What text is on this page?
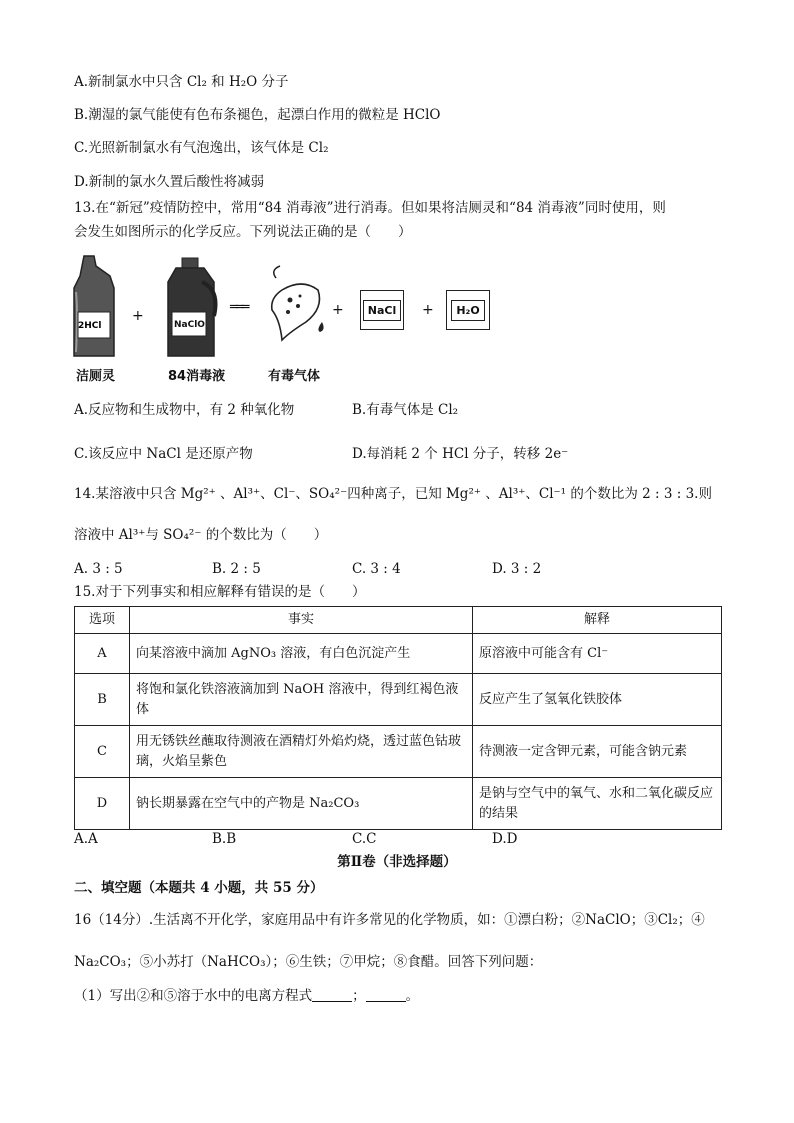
A.新制氯水中只含 Cl₂ 和 H₂O 分子
B.潮湿的氯气能使有色布条褪色，起漂白作用的微粒是 HClO
C.光照新制氯水有气泡逸出，该气体是 Cl₂
D.新制的氯水久置后酸性将减弱
13.在“新冠”疫情防控中，常用“84 消毒液”进行消毒。但如果将洁厕灵和“84 消毒液”同时使用，则
会发生如图所示的化学反应。下列说法正确的是（　　）
2HCl
洁厕灵
+
NaClO
84消毒液
═══
有毒气体
+	NaCl	+	H₂O
A.反应物和生成物中，有 2 种氧化物	B.有毒气体是 Cl₂
C.该反应中 NaCl 是还原产物	D.每消耗 2 个 HCl 分子，转移 2e⁻
14.某溶液中只含 Mg²⁺ 、Al³⁺、Cl⁻、SO₄²⁻四种离子，已知 Mg²⁺ 、Al³⁺、Cl⁻¹ 的个数比为 2 : 3 : 3.则
溶液中 Al³⁺与 SO₄²⁻ 的个数比为（　　）
A. 3 : 5	B. 2 : 5	C. 3 : 4	D. 3 : 2
15.对于下列事实和相应解释有错误的是（　　）
选项	事实	解释
A	向某溶液中滴加 AgNO₃ 溶液，有白色沉淀产生	原溶液中可能含有 Cl⁻
B	将饱和氯化铁溶液滴加到 NaOH 溶液中，得到红褐色液体	反应产生了氢氧化铁胶体
C	用无锈铁丝蘸取待测液在酒精灯外焰灼烧，透过蓝色钴玻璃，火焰呈紫色	待测液一定含钾元素，可能含钠元素
D	钠长期暴露在空气中的产物是 Na₂CO₃	是钠与空气中的氧气、水和二氧化碳反应的结果
A.A	B.B	C.C	D.D
第Ⅱ卷（非选择题）
二、填空题（本题共 4 小题，共 55 分）
16（14分）.生活离不开化学，家庭用品中有许多常见的化学物质，如：①漂白粉；②NaClO；③Cl₂；④
Na₂CO₃；⑤小苏打（NaHCO₃）；⑥生铁；⑦甲烷；⑧食醋。回答下列问题：
（1）写出②和⑤溶于水中的电离方程式	；	。
